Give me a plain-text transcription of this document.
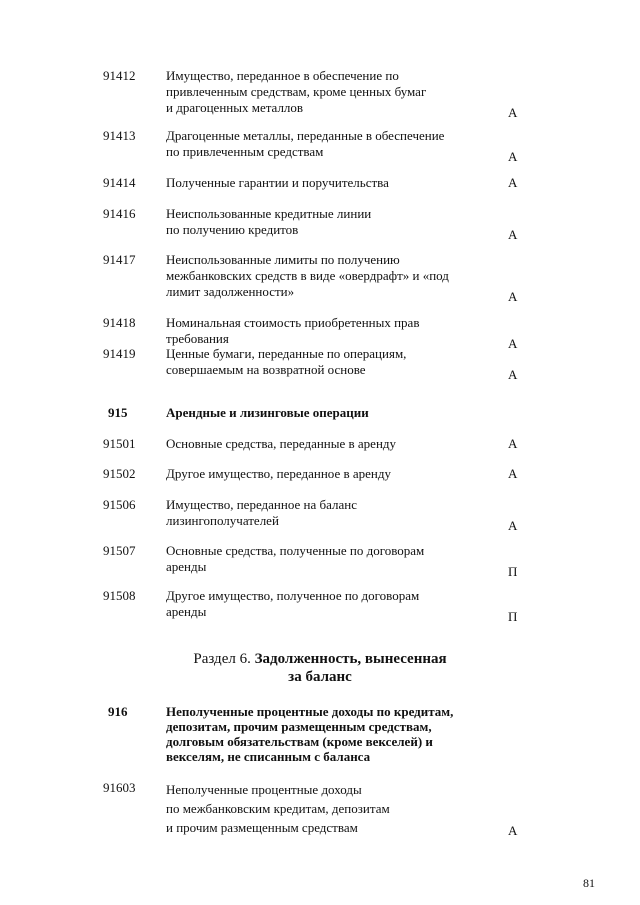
91412 Имущество, переданное в обеспечение по
привлеченным средствам, кроме ценных бумаг
и драгоценных металлов	А
91413 Драгоценные металлы, переданные в обеспечение
по привлеченным средствам	А
91414 Полученные гарантии и поручительства	А
91416 Неиспользованные кредитные линии
по получению кредитов	А
91417 Неиспользованные лимиты по получению
межбанковских средств в виде «овердрафт» и «под
лимит задолженности»	А
91418 Номинальная стоимость приобретенных прав
требования	А
91419 Ценные бумаги, переданные по операциям,
совершаемым на возвратной основе	А
915	Арендные и лизинговые операции
91501 Основные средства, переданные в аренду	А
91502 Другое имущество, переданное в аренду	А
91506 Имущество, переданное на баланс
лизингополучателей	А
91507 Основные средства, полученные по договорам
аренды	П
91508 Другое имущество, полученное по договорам
аренды	П
916	Неполученные процентные доходы по кредитам,
депозитам, прочим размещенным средствам,
долговым обязательствам (кроме векселей) и
векселям, не списанным с баланса
91603 Неполученные процентные доходы
по межбанковским кредитам, депозитам
и прочим размещенным средствам	А
Раздел 6. Задолженность, вынесенная
за баланс
81
